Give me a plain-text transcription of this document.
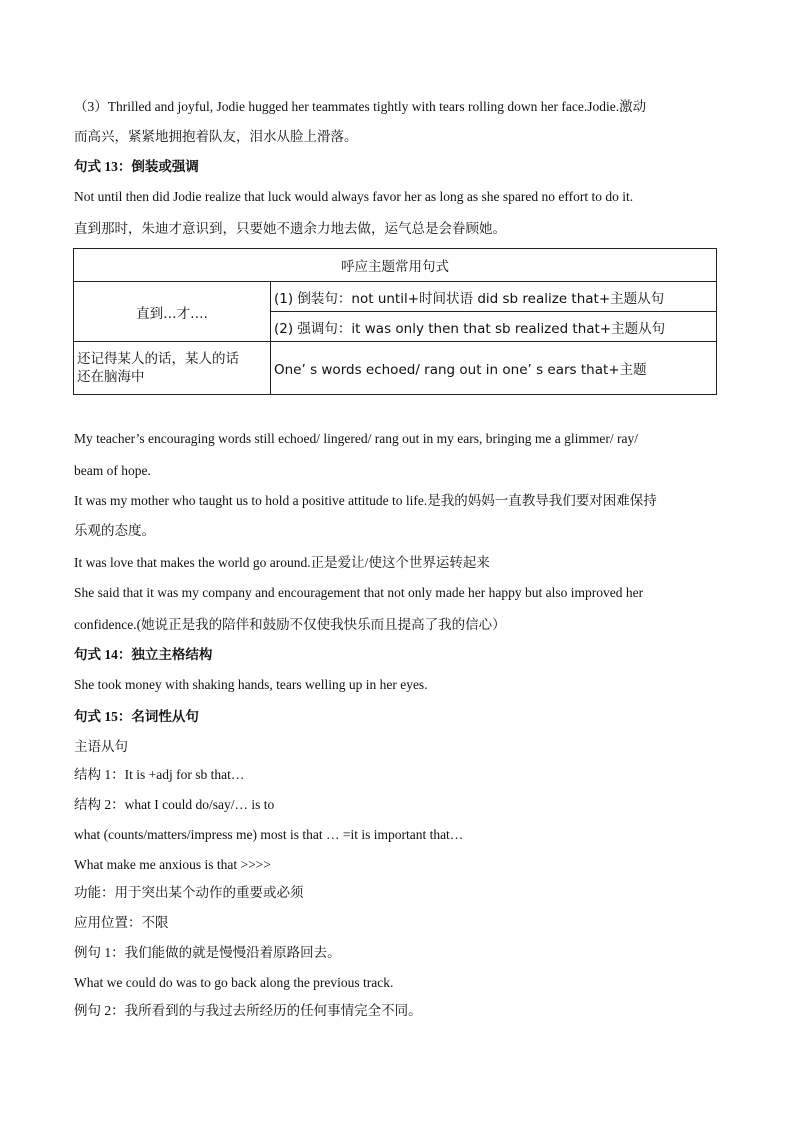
（3）Thrilled and joyful, Jodie hugged her teammates tightly with tears rolling down her face.Jodie.激动
而高兴，紧紧地拥抱着队友，泪水从脸上滑落。
句式 13：倒装或强调
Not until then did Jodie realize that luck would always favor her as long as she spared no effort to do it.
直到那时，朱迪才意识到，只要她不遗余力地去做，运气总是会眷顾她。
呼应主题常用句式	
直到…才….	(1) 倒装句：not until+时间状语 did sb realize that+主题从句
	(2) 强调句：it was only then that sb realized that+主题从句

还记得某人的话，某人的话
还在脑海中	One’ s words echoed/ rang out in one’ s ears that+主题
My teacher’s encouraging words still echoed/ lingered/ rang out in my ears, bringing me a glimmer/ ray/
beam of hope.
It was my mother who taught us to hold a positive attitude to life.是我的妈妈一直教导我们要对困难保持
乐观的态度。
It was love that makes the world go around.正是爱让/使这个世界运转起来
She said that it was my company and encouragement that not only made her happy but also improved her
confidence.(她说正是我的陪伴和鼓励不仅使我快乐而且提高了我的信心）
句式 14：独立主格结构
She took money with shaking hands, tears welling up in her eyes.
句式 15：名词性从句
主语从句
结构 1：It is +adj for sb that…
结构 2：what I could do/say/… is to
what (counts/matters/impress me) most is that … =it is important that…
What make me anxious is that >>>>
功能：用于突出某个动作的重要或必须
应用位置：不限
例句 1：我们能做的就是慢慢沿着原路回去。
What we could do was to go back along the previous track.
例句 2：我所看到的与我过去所经历的任何事情完全不同。
